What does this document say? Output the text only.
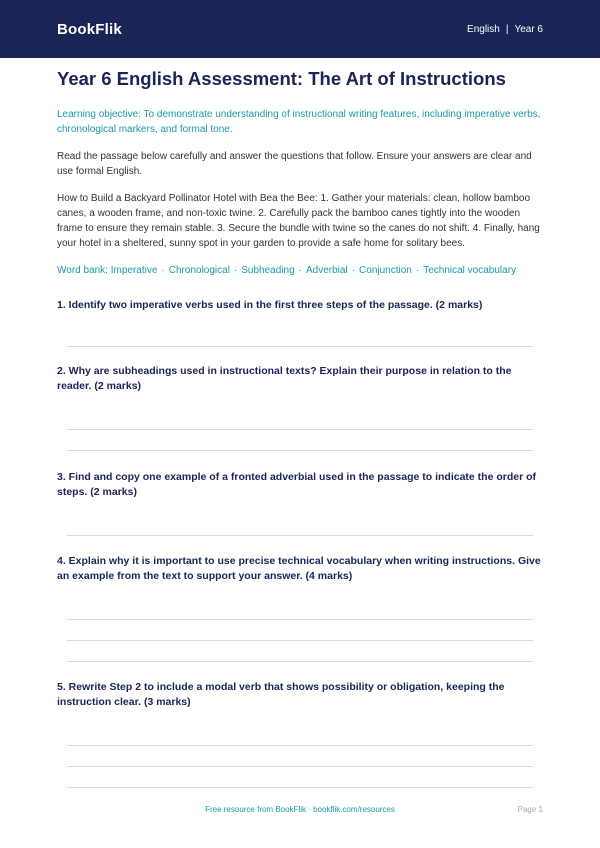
BookFlik	English | Year 6
Year 6 English Assessment: The Art of Instructions
Learning objective: To demonstrate understanding of instructional writing features, including imperative verbs, chronological markers, and formal tone.
Read the passage below carefully and answer the questions that follow. Ensure your answers are clear and use formal English.
How to Build a Backyard Pollinator Hotel with Bea the Bee: 1. Gather your materials: clean, hollow bamboo canes, a wooden frame, and non-toxic twine. 2. Carefully pack the bamboo canes tightly into the wooden frame to ensure they remain stable. 3. Secure the bundle with twine so the canes do not shift. 4. Finally, hang your hotel in a sheltered, sunny spot in your garden to provide a safe home for solitary bees.
Word bank: Imperative · Chronological · Subheading · Adverbial · Conjunction · Technical vocabulary

1. Identify two imperative verbs used in the first three steps of the passage. (2 marks)

2. Why are subheadings used in instructional texts? Explain their purpose in relation to the reader. (2 marks)

3. Find and copy one example of a fronted adverbial used in the passage to indicate the order of steps. (2 marks)

4. Explain why it is important to use precise technical vocabulary when writing instructions. Give an example from the text to support your answer. (4 marks)

5. Rewrite Step 2 to include a modal verb that shows possibility or obligation, keeping the instruction clear. (3 marks)

Free resource from BookFlik · bookflik.com/resources	Page 1
